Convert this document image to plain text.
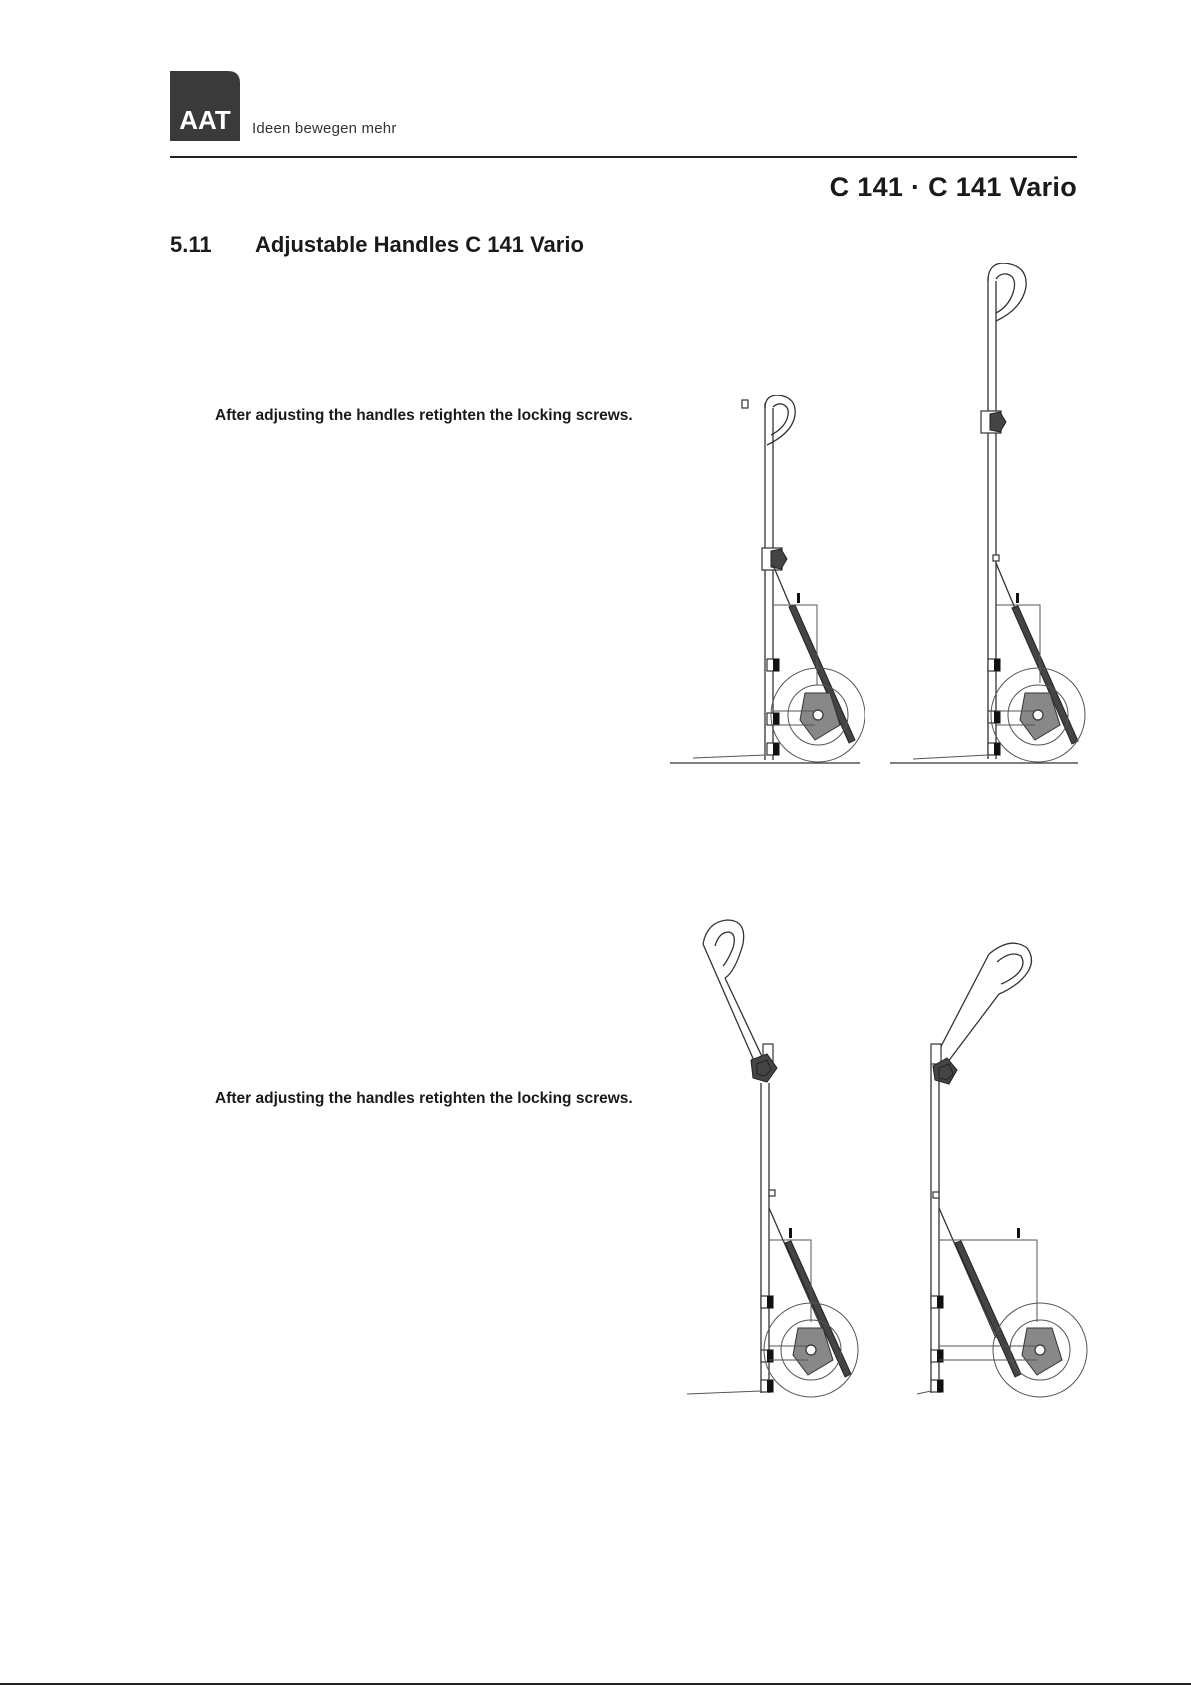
AAT Ideen bewegen mehr
C 141 · C 141 Vario
5.11 Adjustable Handles C 141 Vario
After adjusting the handles retighten the locking screws.
After adjusting the handles retighten the locking screws.
